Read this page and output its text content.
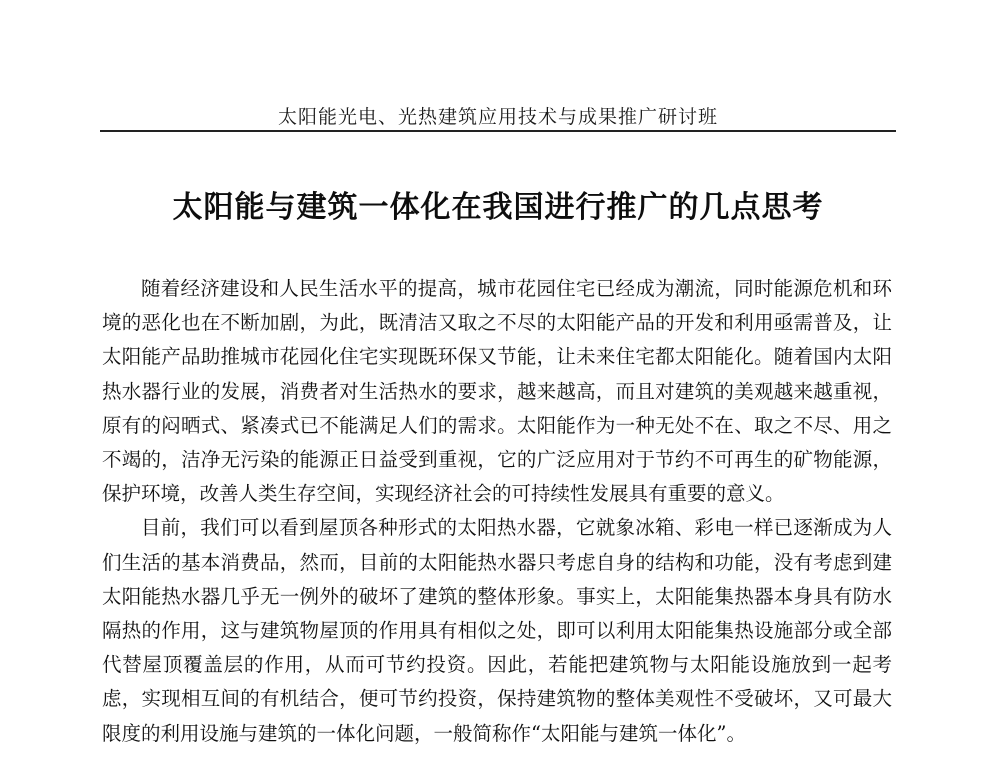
太阳能光电、光热建筑应用技术与成果推广研讨班
太阳能与建筑一体化在我国进行推广的几点思考

随着经济建设和人民生活水平的提高，城市花园住宅已经成为潮流，同时能源危机和环境的恶化也在不断加剧，为此，既清洁又取之不尽的太阳能产品的开发和利用亟需普及，让太阳能产品助推城市花园化住宅实现既环保又节能，让未来住宅都太阳能化。随着国内太阳热水器行业的发展，消费者对生活热水的要求，越来越高，而且对建筑的美观越来越重视，原有的闷晒式、紧凑式已不能满足人们的需求。太阳能作为一种无处不在、取之不尽、用之不竭的，洁净无污染的能源正日益受到重视，它的广泛应用对于节约不可再生的矿物能源，保护环境，改善人类生存空间，实现经济社会的可持续性发展具有重要的意义。

目前，我们可以看到屋顶各种形式的太阳热水器，它就象冰箱、彩电一样已逐渐成为人们生活的基本消费品，然而，目前的太阳能热水器只考虑自身的结构和功能，没有考虑到建太阳能热水器几乎无一例外的破坏了建筑的整体形象。事实上，太阳能集热器本身具有防水隔热的作用，这与建筑物屋顶的作用具有相似之处，即可以利用太阳能集热设施部分或全部代替屋顶覆盖层的作用，从而可节约投资。因此，若能把建筑物与太阳能设施放到一起考虑，实现相互间的有机结合，便可节约投资，保持建筑物的整体美观性不受破坏，又可最大限度的利用设施与建筑的一体化问题，一般简称作“太阳能与建筑一体化”。
